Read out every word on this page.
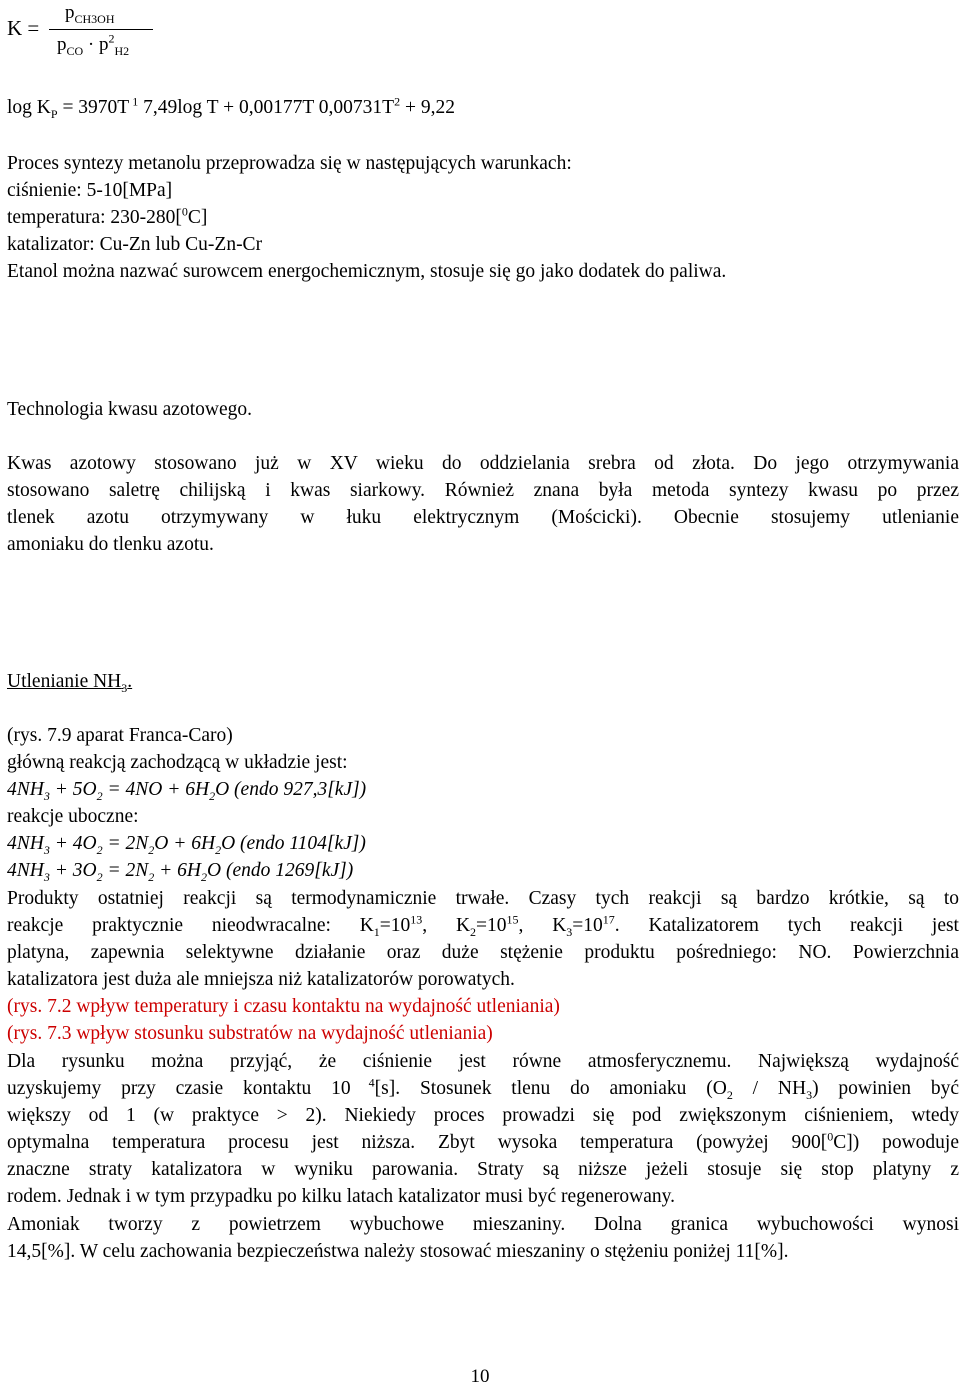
K =
$p_{CH3OH}$
$p_{CO} \cdot p^2_{H2}$
$\log K_P = 3970T$ $^1$ 7,49log T + 0,00177T $0,00731T^2 + 9,22$
Proces syntezy metanolu przeprowadza się w następujących warunkach:
ciśnienie: 5-10[MPa]
temperatura: 230-280[$^0$C]
katalizator: Cu-Zn lub Cu-Zn-Cr
Etanol można nazwać surowcem energochemicznym, stosuje się go jako dodatek do paliwa.
Technologia kwasu azotowego.
Kwas azotowy stosowano już w XV wieku do oddzielania srebra od złota. Do jego otrzymywania
stosowano saletrę chilijską i kwas siarkowy. Również znana była metoda syntezy kwasu po przez
tlenek azotu otrzymywany w łuku elektrycznym (Mościcki). Obecnie stosujemy utlenianie
amoniaku do tlenku azotu.
Utlenianie $NH_3$.
(rys. 7.9 aparat Franca-Caro)
główną reakcją zachodzącą w układzie jest:
$4NH_3 + 5O_2 = 4NO + 6H_2O$ (endo 927,3[kJ])
reakcje uboczne:
$4NH_3 + 4O_2 = 2N_2O + 6H_2O$ (endo 1104[kJ])
$4NH_3 + 3O_2 = 2N_2 + 6H_2O$ (endo 1269[kJ])
Produkty ostatniej reakcji są termodynamicznie trwałe. Czasy tych reakcji są bardzo krótkie, są to
reakcje praktycznie nieodwracalne: $K_1=10^{13}$, $K_2=10^{15}$, $K_3=10^{17}$. Katalizatorem tych reakcji jest
platyna, zapewnia selektywne działanie oraz duże stężenie produktu pośredniego: NO. Powierzchnia
katalizatora jest duża ale mniejsza niż katalizatorów porowatych.
(rys. 7.2 wpływ temperatury i czasu kontaktu na wydajność utleniania)
(rys. 7.3 wpływ stosunku substratów na wydajność utleniania)
Dla rysunku można przyjąć, że ciśnienie jest równe atmosferycznemu. Największą wydajność
uzyskujemy przy czasie kontaktu 10 $^4$[s]. Stosunek tlenu do amoniaku $(O_2 / NH_3)$ powinien być
większy od 1 (w praktyce > 2). Niekiedy proces prowadzi się pod zwiększonym ciśnieniem, wtedy
optymalna temperatura procesu jest niższa. Zbyt wysoka temperatura (powyżej 900[$^0$C]) powoduje
znaczne straty katalizatora w wyniku parowania. Straty są niższe jeżeli stosuje się stop platyny z
rodem. Jednak i w tym przypadku po kilku latach katalizator musi być regenerowany.
Amoniak tworzy z powietrzem wybuchowe mieszaniny. Dolna granica wybuchowości wynosi
14,5[%]. W celu zachowania bezpieczeństwa należy stosować mieszaniny o stężeniu poniżej 11[%].
10
